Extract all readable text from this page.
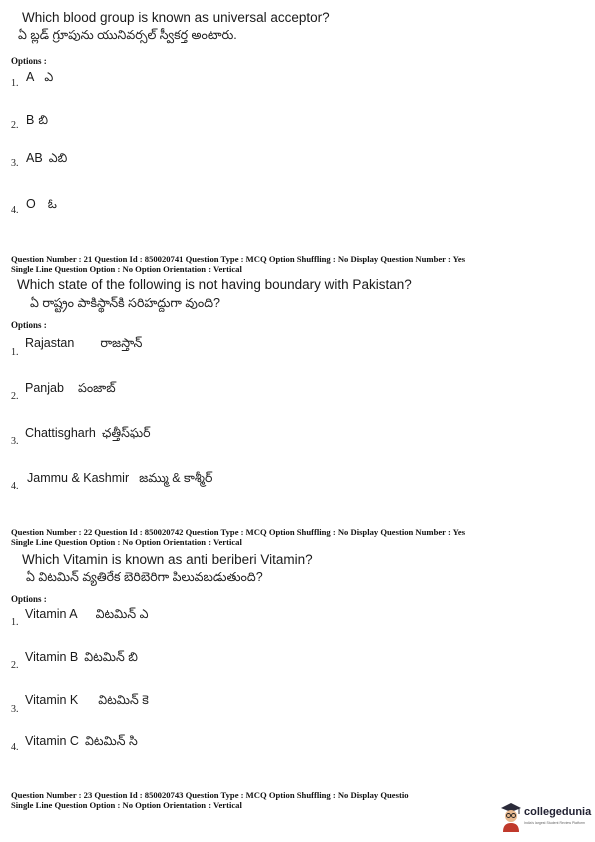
Which blood group is known as universal acceptor?
ఏ బ్లడ్ గ్రూపును యునివర్సల్ స్వీకర్త అంటారు.
Options :
1. A ఎ
2. B బి
3. AB ఎబి
4. O ఓ
Question Number : 21 Question Id : 850020741 Question Type : MCQ Option Shuffling : No Display Question Number : Yes
Single Line Question Option : No Option Orientation : Vertical
Which state of the following is not having boundary with Pakistan?
ఏ రాష్ట్రం పాకిస్థాన్‌కి సరిహద్దుగా వుంది?
Options :
1.
Rajastan రాజస్తాన్
2.
Panjab పంజాబ్
3.
Chattisgharh ఛత్తీస్‌ఘర్
4.
Jammu & Kashmir జమ్ము & కాశ్మీర్
Question Number : 22 Question Id : 850020742 Question Type : MCQ Option Shuffling : No Display Question Number : Yes
Single Line Question Option : No Option Orientation : Vertical
Which Vitamin is known as anti beriberi Vitamin?
ఏ విటమిన్ వ్యతిరేక బెరిబెరిగా పిలువబడుతుంది?
Options :
1.
Vitamin A విటమిన్ ఎ
2.
Vitamin B విటమిన్ బి
3.
Vitamin K విటమిన్ కె
4. Vitamin C విటమిన్ సి
Question Number : 23 Question Id : 850020743 Question Type : MCQ Option Shuffling : No Display Questio
Single Line Question Option : No Option Orientation : Vertical
collegedunia
India's largest Student Review Platform
